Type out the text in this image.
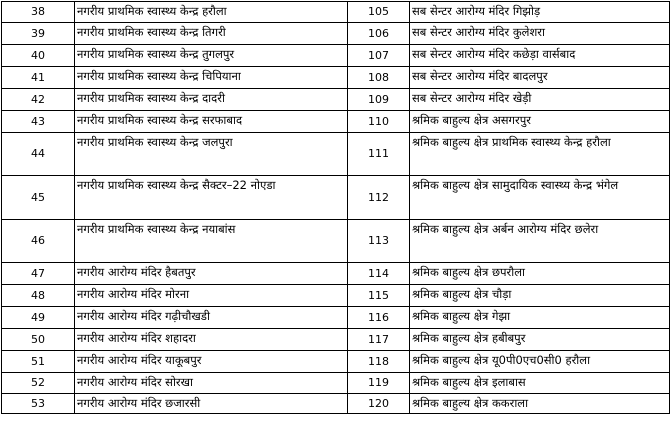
38	नगरीय प्राथमिक स्वास्थ्य केन्द्र हरौला	105	सब सेन्टर आरोग्य मंदिर गिझोड़
39	नगरीय प्राथमिक स्वास्थ्य केन्द्र तिगरी	106	सब सेन्टर आरोग्य मंदिर कुलेशरा
40	नगरीय प्राथमिक स्वास्थ्य केन्द्र तुगलपुर	107	सब सेन्टर आरोग्य मंदिर कछेड़ा वार्सबाद
41	नगरीय प्राथमिक स्वास्थ्य केन्द्र चिपियाना	108	सब सेन्टर आरोग्य मंदिर बादलपुर
42	नगरीय प्राथमिक स्वास्थ्य केन्द्र दादरी	109	सब सेन्टर आरोग्य मंदिर खेड़ी
43	नगरीय प्राथमिक स्वास्थ्य केन्द्र सरफाबाद	110	श्रमिक बाहुल्य क्षेत्र असगरपुर
44	नगरीय प्राथमिक स्वास्थ्य केन्द्र जलपुरा	111	श्रमिक बाहुल्य क्षेत्र प्राथमिक स्वास्थ्य केन्द्र हरौला
45	नगरीय प्राथमिक स्वास्थ्य केन्द्र सैक्टर–22 नोएडा	112	श्रमिक बाहुल्य क्षेत्र सामुदायिक स्वास्थ्य केन्द्र भंगेल
46	नगरीय प्राथमिक स्वास्थ्य केन्द्र नयाबांस	113	श्रमिक बाहुल्य क्षेत्र अर्बन आरोग्य मंदिर छलेरा
47	नगरीय आरोग्य मंदिर हैबतपुर	114	श्रमिक बाहुल्य क्षेत्र छपरौला
48	नगरीय आरोग्य मंदिर मोरना	115	श्रमिक बाहुल्य क्षेत्र चौड़ा
49	नगरीय आरोग्य मंदिर गढ़ीचौखडी	116	श्रमिक बाहुल्य क्षेत्र गेझा
50	नगरीय आरोग्य मंदिर शहादरा	117	श्रमिक बाहुल्य क्षेत्र हबीबपुर
51	नगरीय आरोग्य मंदिर याकूबपुर	118	श्रमिक बाहुल्य क्षेत्र यू0पी0एच0सी0 हरौला
52	नगरीय आरोग्य मंदिर सोरखा	119	श्रमिक बाहुल्य क्षेत्र इलाबास
53	नगरीय आरोग्य मंदिर छजारसी	120	श्रमिक बाहुल्य क्षेत्र ककराला
